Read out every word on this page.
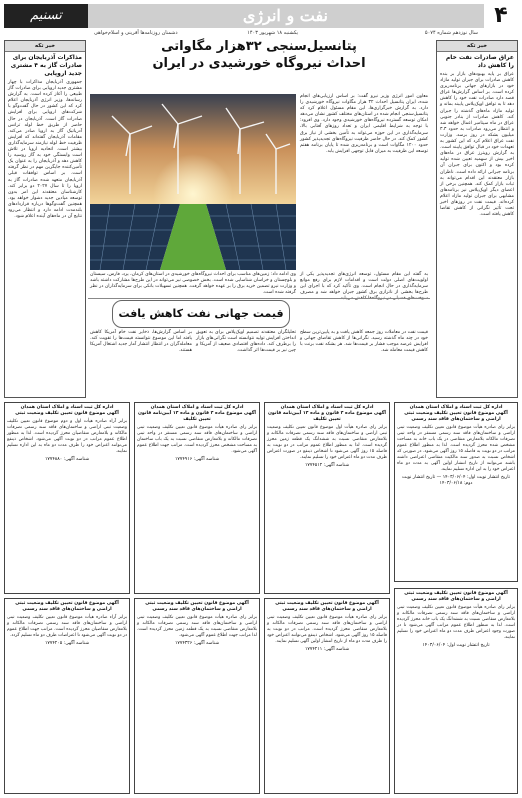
۴
نفت و انرژی
تسنیم
سال نوزدهم شماره ۵۰۷۴
یکشنبه ۱۸ شهریور ۱۴۰۳
دشمنان روزنامه‌ها آفرینی و اسلام‌خواهی
خبر تکه
عراق صادرات نفت خام را کاهش داد
عراق بر پایه بهبودهای بازار بر بنده کاهش صادرات برای جبران تولید مازاد خود در بازارهای جهانی برنامه‌ریزی کرده است. بر اساس گزارش‌ها عراق قصد دارد صادرات نفت خود را کاهش دهد تا به توافق اوپک‌پلاس پایبند بماند و تولید مازاد ماه‌های گذشته را جبران کند. کاهش صادرات از بنادر جنوبی عراق در ماه سپتامبر اعمال خواهد شد و انتظار می‌رود صادرات به حدود ۳.۳ میلیون بشکه در روز برسد. وزارت نفت عراق اعلام کرد که این کشور به تعهدات خود در قبال توافق پایبند است. به گزارش رویترز عراق در ماه‌های اخیر بیش از سهمیه تعیین شده تولید کرده بود و اکنون برای جبران آن برنامه جبرانی ارائه داده است. ناظران بازار معتقدند این اقدام می‌تواند به ثبات بازار کمک کند. همچنین برخی از اعضای دیگر اوپک‌پلاس نیز برنامه‌های مشابهی برای جبران تولید مازاد اعلام کرده‌اند. قیمت نفت در روزهای اخیر تحت تأثیر نگرانی از کاهش تقاضا کاهش یافته است.
خبر تکه
مذاکرات آذربایجان برای صادرات گاز به ۴ مشتری جدید اروپایی
جمهوری آذربایجان مذاکرات با چهار مشتری جدید اروپایی برای صادرات گاز طبیعی را آغاز کرده است. به گزارش رسانه‌ها، وزیر انرژی آذربایجان اعلام کرد که این کشور در حال گفت‌وگو با شرکت‌های اروپایی برای افزایش صادرات گاز است. آذربایجان در حال حاضر از طریق خط لوله ترانس آدریاتیک گاز به اروپا صادر می‌کند. مقامات آذربایجان گفته‌اند که افزایش ظرفیت خط لوله نیازمند سرمایه‌گذاری بیشتر است. اتحادیه اروپا در تلاش است وابستگی خود به گاز روسیه را کاهش دهد و آذربایجان را به عنوان یک تأمین‌کننده جایگزین مهم در نظر گرفته است. بر اساس توافقات قبلی آذربایجان متعهد شده صادرات گاز به اروپا را تا سال ۲۰۲۷ دو برابر کند. کارشناسان معتقدند این امر بدون توسعه میادین جدید دشوار خواهد بود. همچنین گفت‌وگوها درباره قراردادهای بلندمدت ادامه دارد و انتظار می‌رود نتایج آن در ماه‌های آینده اعلام شود.
پتانسیل‌سنجی ۳۲هزار مگاواتی
احداث نیروگاه خورشیدی در ایران
معاون امور انرژی وزیر نیرو گفت: بر اساس ارزیابی‌های انجام شده، ایران پتانسیل احداث ۳۲ هزار مگاوات نیروگاه خورشیدی را دارد. به گزارش خبرگزاری‌ها، این مقام مسئول اعلام کرد که پتانسیل‌سنجی انجام شده در استان‌های مختلف کشور نشان می‌دهد امکان توسعه گسترده نیروگاه‌های خورشیدی وجود دارد. وی افزود: با توجه به شرایط اقلیمی ایران و تعداد روزهای آفتابی بالا، سرمایه‌گذاری در این حوزه می‌تواند به تأمین بخشی از نیاز برق کشور کمک کند. در حال حاضر ظرفیت نیروگاه‌های تجدیدپذیر کشور حدود ۱۲۰۰ مگاوات است و برنامه‌ریزی شده تا پایان برنامه هفتم توسعه این ظرفیت به میزان قابل توجهی افزایش یابد.
وی ادامه داد: زمین‌های مناسب برای احداث نیروگاه‌های خورشیدی در استان‌های کرمان، یزد، فارس، سیستان و بلوچستان و خراسان شناسایی شده است. بخش خصوصی نیز می‌تواند در این طرح‌ها مشارکت داشته باشد و وزارت نیرو تضمین خرید برق را بر عهده خواهد گرفت. همچنین تسهیلات بانکی برای سرمایه‌گذاران در نظر گرفته شده است.
به گفته این مقام مسئول، توسعه انرژی‌های تجدیدپذیر یکی از اولویت‌های اصلی دولت است و اقدامات لازم برای رفع موانع سرمایه‌گذاری در حال انجام است. وی تأکید کرد که با اجرای این طرح‌ها بخشی از ناترازی برق کشور جبران خواهد شد و مصرف سوخت‌های فسیلی در نیروگاه‌ها کاهش می‌یابد.
قیمت جهانی نفت کاهش یافت
قیمت نفت در معاملات روز جمعه کاهش یافت و به پایین‌ترین سطح خود در چند ماه گذشته رسید. نگرانی‌ها از کاهش تقاضای جهانی و افزایش عرضه موجب فشار بر قیمت‌ها شد. هر بشکه نفت برنت با کاهش قیمت معامله شد.
تحلیلگران معتقدند تصمیم اوپک‌پلاس برای به تعویق انداختن افزایش تولید نتوانسته است نگرانی‌های بازار را برطرف کند. داده‌های اقتصادی ضعیف از آمریکا و چین نیز بر قیمت‌ها اثر گذاشت.
بر اساس گزارش‌ها، ذخایر نفت خام آمریکا کاهش یافته اما این موضوع نتوانسته قیمت‌ها را تقویت کند. معامله‌گران در انتظار انتشار آمار جدید اشتغال آمریکا هستند.
اداره کل ثبت اسناد و املاک استان همدان
آگهی موضوع قانون تعیین تکلیف وضعیت ثبتی اراضی و ساختمان‌های فاقد سند رسمی
برابر رای صادره هیأت موضوع قانون تعیین تکلیف وضعیت ثبتی اراضی و ساختمان‌های فاقد سند رسمی مستقر در واحد ثبتی تصرفات مالکانه بلامعارض متقاضی در یک باب خانه به مساحت مشخص شده محرز گردیده است. لذا به منظور اطلاع عموم مراتب در دو نوبت به فاصله ۱۵ روز آگهی می‌شود. در صورتی که اشخاص نسبت به صدور سند مالکیت متقاضی اعتراضی داشته باشند می‌توانند از تاریخ انتشار اولین آگهی به مدت دو ماه اعتراض خود را به این اداره تسلیم نمایند.
تاریخ انتشار نوبت اول: ۱۴۰۳/۰۶/۰۴ — تاریخ انتشار نوبت دوم: ۱۴۰۳/۰۶/۱۸
اداره کل ثبت اسناد و املاک استان همدان
آگهی موضوع ماده ۳ قانون و ماده ۱۳ آیین‌نامه قانون تعیین تکلیف
برابر رای صادره هیأت اول موضوع قانون تعیین تکلیف وضعیت ثبتی اراضی و ساختمان‌های فاقد سند رسمی تصرفات مالکانه و بلامعارض متقاضی نسبت به ششدانگ یک قطعه زمین محرز گردیده است. لذا به منظور اطلاع عموم مراتب در دو نوبت به فاصله ۱۵ روز آگهی می‌شود تا اشخاص ذینفع در صورت اعتراض ظرف مدت دو ماه اعتراض خود را تسلیم نمایند.
شناسه آگهی: ۱۷۷۴۵۱۲
اداره کل ثبت اسناد و املاک استان همدان
آگهی موضوع ماده ۳ قانون و ماده ۱۳ آیین‌نامه قانون تعیین تکلیف
برابر رای صادره هیأت موضوع قانون تعیین تکلیف وضعیت ثبتی اراضی و ساختمان‌های فاقد سند رسمی مستقر در واحد ثبتی تصرفات مالکانه و بلامعارض متقاضی نسبت به یک باب ساختمان به مساحت مشخص محرز گردیده است. مراتب جهت اطلاع عموم آگهی می‌شود.
شناسه آگهی: ۱۷۷۴۹۱۶
اداره کل ثبت اسناد و املاک استان همدان
آگهی موضوع قانون تعیین تکلیف وضعیت ثبتی
برابر آراء صادره هیأت اول و دوم موضوع قانون تعیین تکلیف وضعیت ثبتی اراضی و ساختمان‌های فاقد سند رسمی تصرفات مالکانه و بلامعارض متقاضیان محرز گردیده است. لذا به منظور اطلاع عموم مراتب در دو نوبت آگهی می‌شود. اشخاص ذینفع می‌توانند اعتراض خود را ظرف مدت دو ماه به این اداره تسلیم نمایند.
شناسه آگهی: ۱۷۷۴۸۸۰
آگهی موضوع قانون تعیین تکلیف وضعیت ثبتی
اراضی و ساختمان‌های فاقد سند رسمی
برابر رای صادره هیأت موضوع قانون تعیین تکلیف وضعیت ثبتی اراضی و ساختمان‌های فاقد سند رسمی تصرفات مالکانه و بلامعارض متقاضی نسبت به ششدانگ یک باب خانه محرز گردیده است. لذا به منظور اطلاع عموم مراتب آگهی می‌شود تا در صورت وجود اعتراض ظرف مدت دو ماه اعتراض خود را تسلیم نمایند.
تاریخ انتشار نوبت اول: ۱۴۰۳/۰۶/۰۴
آگهی موضوع قانون تعیین تکلیف وضعیت ثبتی
اراضی و ساختمان‌های فاقد سند رسمی
برابر رای صادره هیأت موضوع قانون تعیین تکلیف وضعیت ثبتی اراضی و ساختمان‌های فاقد سند رسمی تصرفات مالکانه و بلامعارض متقاضی محرز گردیده است. مراتب در دو نوبت به فاصله ۱۵ روز آگهی می‌شود. اشخاص ذینفع می‌توانند اعتراض خود را ظرف مدت دو ماه از تاریخ انتشار اولین آگهی تسلیم نمایند.
شناسه آگهی: ۱۷۷۴۲۱۱
آگهی موضوع قانون تعیین تکلیف وضعیت ثبتی
اراضی و ساختمان‌های فاقد سند رسمی
برابر رای صادره هیأت موضوع قانون تعیین تکلیف وضعیت ثبتی اراضی و ساختمان‌های فاقد سند رسمی تصرفات مالکانه و بلامعارض متقاضی نسبت به یک قطعه زمین محرز گردیده است. لذا مراتب جهت اطلاع عموم آگهی می‌شود.
شناسه آگهی: ۱۷۷۴۳۲۶
آگهی موضوع قانون تعیین تکلیف وضعیت ثبتی
اراضی و ساختمان‌های فاقد سند رسمی
برابر آراء صادره هیأت موضوع قانون تعیین تکلیف وضعیت ثبتی اراضی و ساختمان‌های فاقد سند رسمی تصرفات مالکانه و بلامعارض متقاضیان محرز گردیده است. مراتب جهت اطلاع عموم در دو نوبت آگهی می‌شود تا اعتراضات ظرف دو ماه تسلیم گردد.
شناسه آگهی: ۱۷۷۴۲۰۵
